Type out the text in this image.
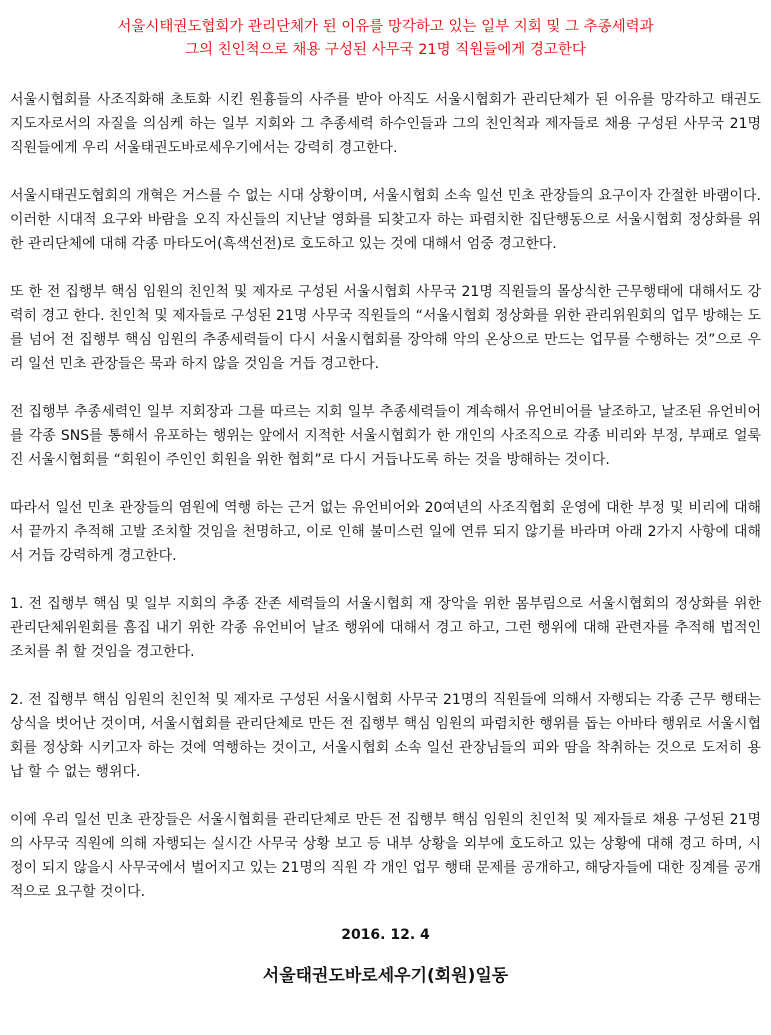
서울시태권도협회가 관리단체가 된 이유를 망각하고 있는 일부 지회 및 그 추종세력과
그의 친인척으로 채용 구성된 사무국 21명 직원들에게 경고한다

서울시협회를 사조직화해 초토화 시킨 원흉들의 사주를 받아 아직도 서울시협회가 관리단체가 된 이유를 망각하고 태권도 지도자로서의 자질을 의심케 하는 일부 지회와 그 추종세력 하수인들과 그의 친인척과 제자들로 채용 구성된 사무국 21명 직원들에게 우리 서울태권도바로세우기에서는 강력히 경고한다.

서울시태권도협회의 개혁은 거스를 수 없는 시대 상황이며, 서울시협회 소속 일선 민초 관장들의 요구이자 간절한 바램이다. 이러한 시대적 요구와 바람을 오직 자신들의 지난날 영화를 되찾고자 하는 파렴치한 집단행동으로 서울시협회 정상화를 위한 관리단체에 대해 각종 마타도어(흑색선전)로 호도하고 있는 것에 대해서 엄중 경고한다.

또 한 전 집행부 핵심 임원의 친인척 및 제자로 구성된 서울시협회 사무국 21명 직원들의 몰상식한 근무행태에 대해서도 강력히 경고 한다. 친인척 및 제자들로 구성된 21명 사무국 직원들의 “서울시협회 정상화를 위한 관리위원회의 업무 방해는 도를 넘어 전 집행부 핵심 임원의 추종세력들이 다시 서울시협회를 장악해 악의 온상으로 만드는 업무를 수행하는 것”으로 우리 일선 민초 관장들은 묵과 하지 않을 것임을 거듭 경고한다.

전 집행부 추종세력인 일부 지회장과 그를 따르는 지회 일부 추종세력들이 계속해서 유언비어를 날조하고, 날조된 유언비어를 각종 SNS를 통해서 유포하는 행위는 앞에서 지적한 서울시협회가 한 개인의 사조직으로 각종 비리와 부정, 부패로 얼룩진 서울시협회를 “회원이 주인인 회원을 위한 협회”로 다시 거듭나도록 하는 것을 방해하는 것이다.

따라서 일선 민초 관장들의 염원에 역행 하는 근거 없는 유언비어와 20여년의 사조직협회 운영에 대한 부정 및 비리에 대해서 끝까지 추적해 고발 조치할 것임을 천명하고, 이로 인해 불미스런 일에 연류 되지 않기를 바라며 아래 2가지 사항에 대해서 거듭 강력하게 경고한다.

1. 전 집행부 핵심 및 일부 지회의 추종 잔존 세력들의 서울시협회 재 장악을 위한 몸부림으로 서울시협회의 정상화를 위한 관리단체위원회를 흠집 내기 위한 각종 유언비어 날조 행위에 대해서 경고 하고, 그런 행위에 대해 관련자를 추적해 법적인 조치를 취 할 것임을 경고한다.

2. 전 집행부 핵심 임원의 친인척 및 제자로 구성된 서울시협회 사무국 21명의 직원들에 의해서 자행되는 각종 근무 행태는 상식을 벗어난 것이며, 서울시협회를 관리단체로 만든 전 집행부 핵심 임원의 파렴치한 행위를 돕는 아바타 행위로 서울시협회를 정상화 시키고자 하는 것에 역행하는 것이고, 서울시협회 소속 일선 관장님들의 피와 땀을 착취하는 것으로 도저히 용납 할 수 없는 행위다.

이에 우리 일선 민초 관장들은 서울시협회를 관리단체로 만든 전 집행부 핵심 임원의 친인척 및 제자들로 채용 구성된 21명의 사무국 직원에 의해 자행되는 실시간 사무국 상황 보고 등 내부 상황을 외부에 호도하고 있는 상황에 대해 경고 하며, 시정이 되지 않을시 사무국에서 벌어지고 있는 21명의 직원 각 개인 업무 행태 문제를 공개하고, 해당자들에 대한 징계를 공개적으로 요구할 것이다.

2016. 12. 4
서울태권도바로세우기(회원)일동
